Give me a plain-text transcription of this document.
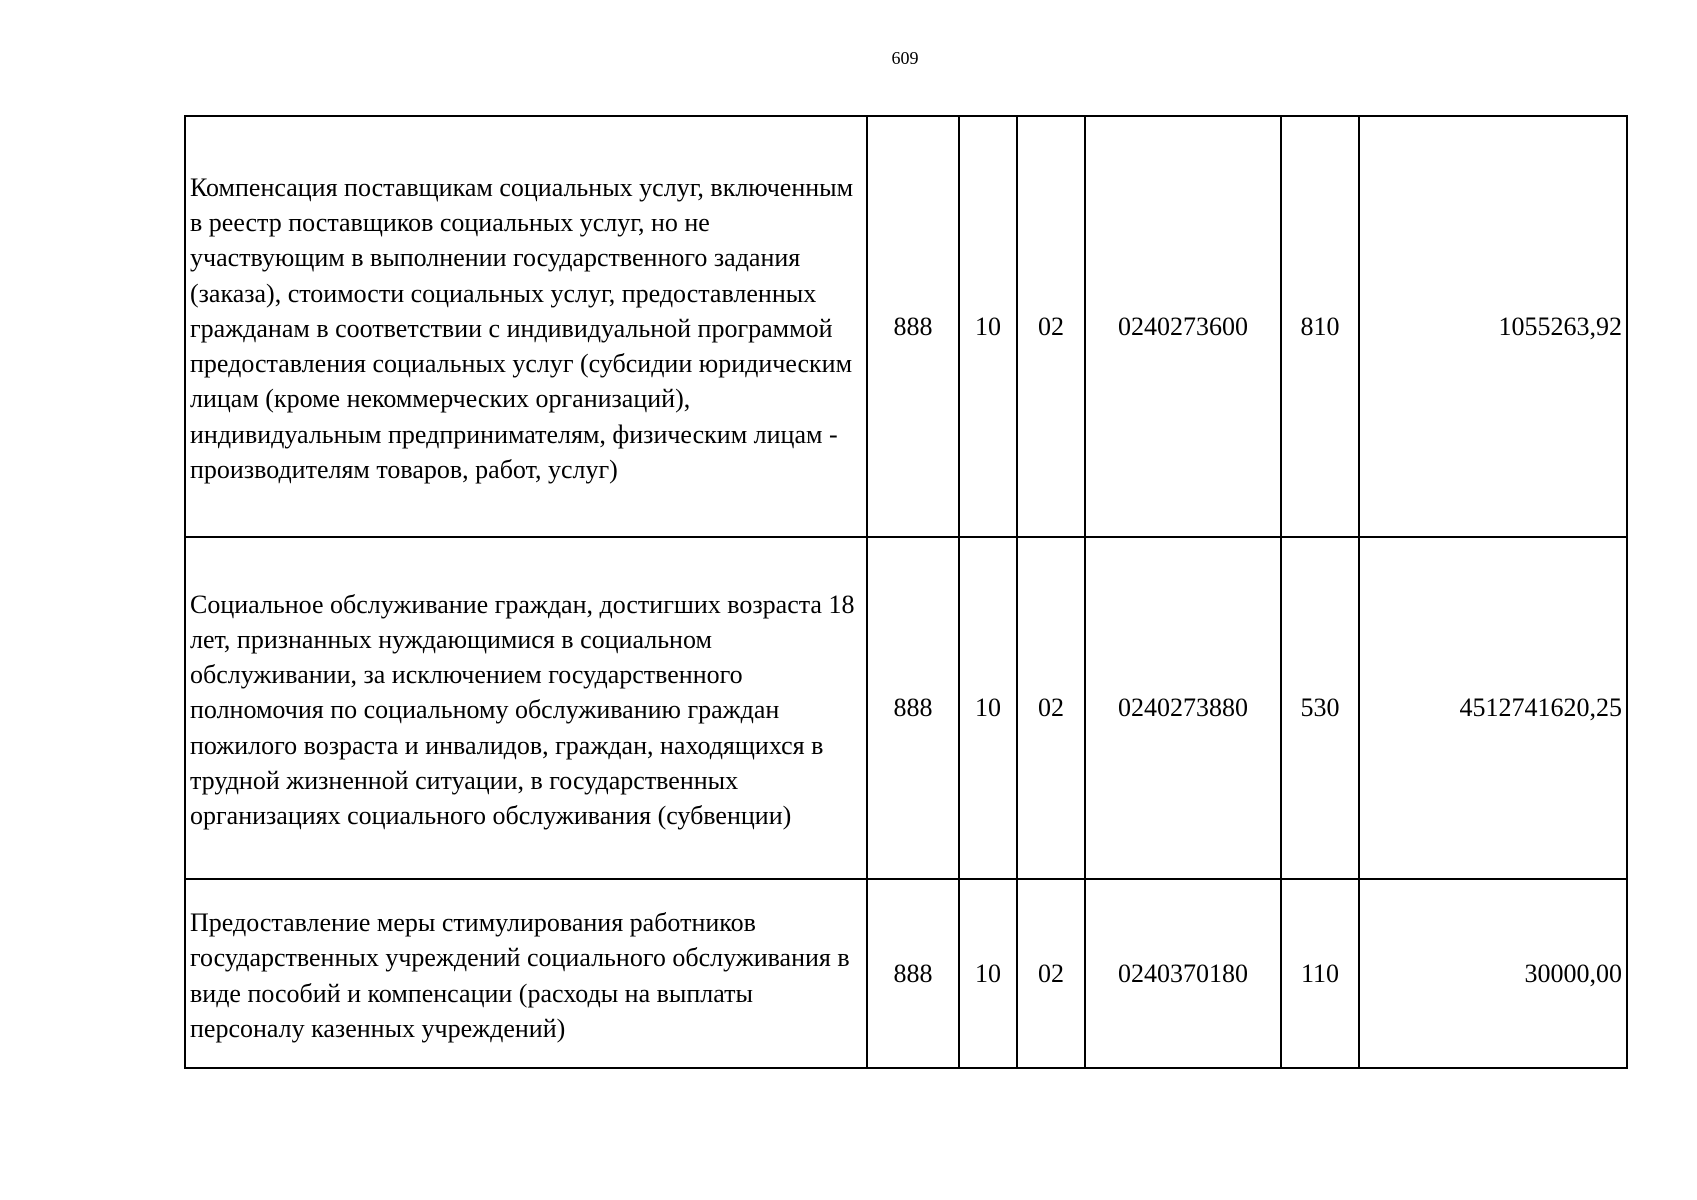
609
Компенсация поставщикам социальных услуг, включенным в реестр поставщиков социальных услуг, но не участвующим в выполнении государственного задания (заказа), стоимости социальных услуг, предоставленных гражданам в соответствии с индивидуальной программой предоставления социальных услуг (субсидии юридическим лицам (кроме некоммерческих организаций), индивидуальным предпринимателям, физическим лицам - производителям товаров, работ, услуг)	888	10	02	0240273600	810	1055263,92
Социальное обслуживание граждан, достигших возраста 18 лет, признанных нуждающимися в социальном обслуживании, за исключением государственного полномочия по социальному обслуживанию граждан пожилого возраста и инвалидов, граждан, находящихся в трудной жизненной ситуации, в государственных организациях социального обслуживания (субвенции)	888	10	02	0240273880	530	4512741620,25
Предоставление меры стимулирования работников государственных учреждений социального обслуживания в виде пособий и компенсации (расходы на выплаты персоналу казенных учреждений)	888	10	02	0240370180	110	30000,00
